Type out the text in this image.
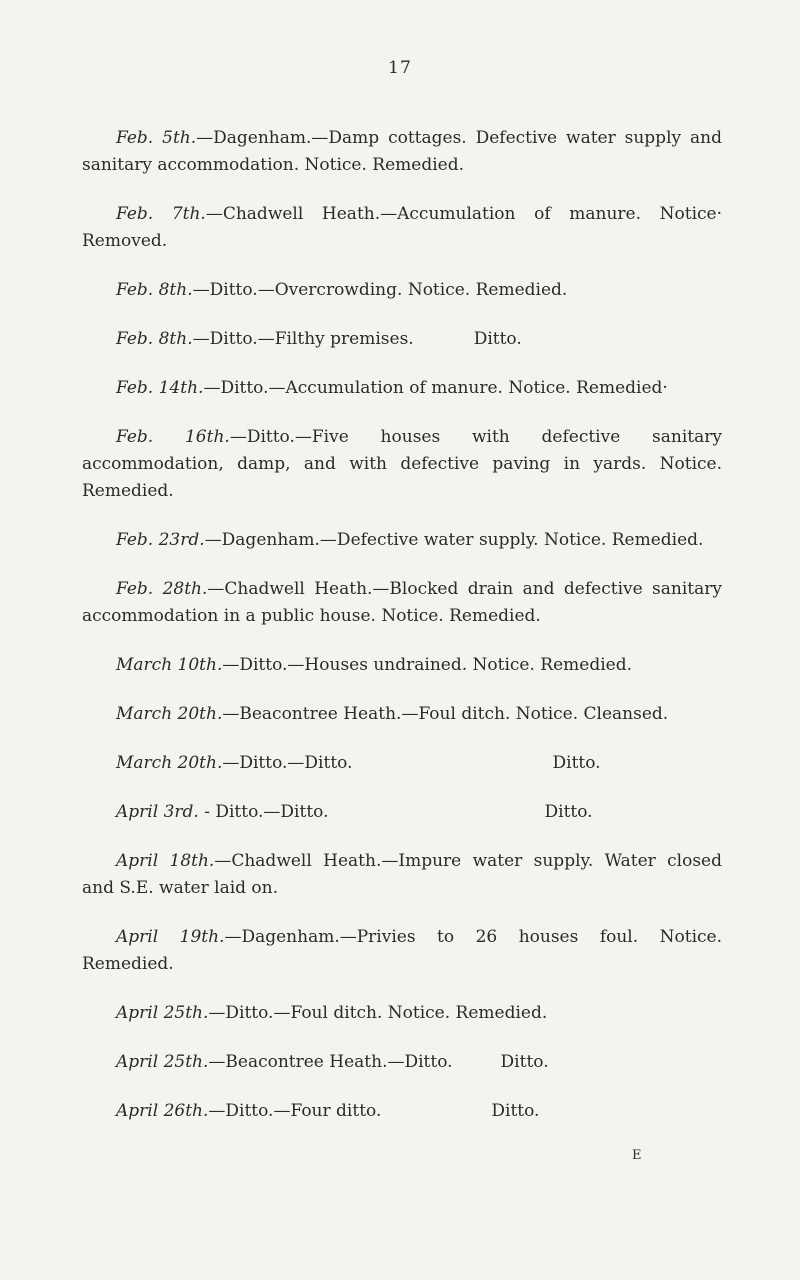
17

Feb. 5th.—Dagenham.—Damp cottages. Defective water supply and sanitary accommodation. Notice. Remedied.

Feb. 7th.—Chadwell Heath.—Accumulation of manure. Notice· Removed.

Feb. 8th.—Ditto.—Overcrowding. Notice. Remedied.

Feb. 8th.—Ditto.—Filthy premises.	Ditto.

Feb. 14th.—Ditto.—Accumulation of manure. Notice. Remedied·

Feb. 16th.—Ditto.—Five houses with defective sanitary accommodation, damp, and with defective paving in yards. Notice. Remedied.

Feb. 23rd.—Dagenham.—Defective water supply. Notice. Remedied.

Feb. 28th.—Chadwell Heath.—Blocked drain and defective sanitary accommodation in a public house. Notice. Remedied.

March 10th.—Ditto.—Houses undrained. Notice. Remedied.

March 20th.—Beacontree Heath.—Foul ditch. Notice. Cleansed.

March 20th.—Ditto.—Ditto.	Ditto.

April 3rd. - Ditto.—Ditto.	Ditto.

April 18th.—Chadwell Heath.—Impure water supply. Water closed and S.E. water laid on.

April 19th.—Dagenham.—Privies to 26 houses foul. Notice. Remedied.

April 25th.—Ditto.—Foul ditch. Notice. Remedied.

April 25th.—Beacontree Heath.—Ditto.	Ditto.

April 26th.—Ditto.—Four ditto.	Ditto.

E
